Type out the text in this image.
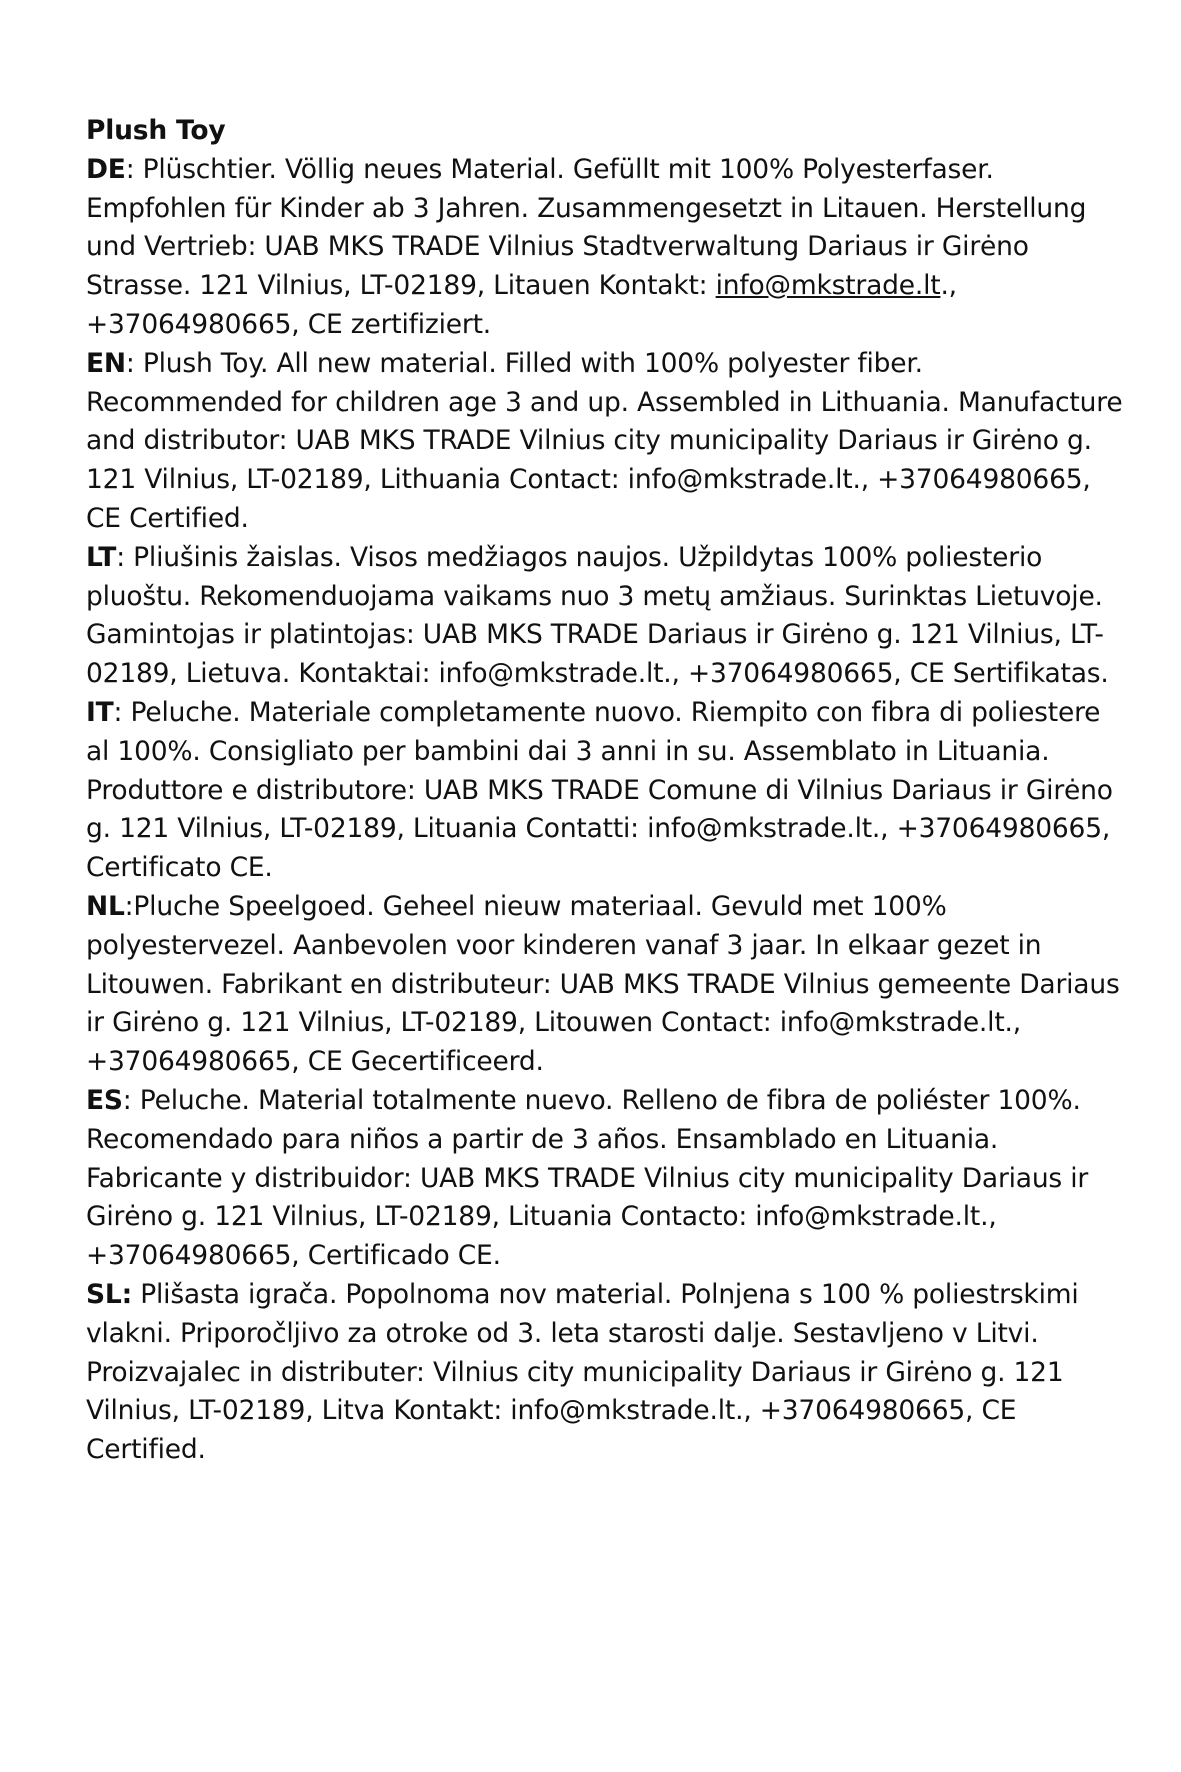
Plush Toy

DE: Plüschtier. Völlig neues Material. Gefüllt mit 100% Polyesterfaser. Empfohlen für Kinder ab 3 Jahren. Zusammengesetzt in Litauen. Herstellung und Vertrieb: UAB MKS TRADE Vilnius Stadtverwaltung Dariaus ir Girėno Strasse. 121 Vilnius, LT-02189, Litauen Kontakt: info@mkstrade.lt., +37064980665, CE zertifiziert.

EN: Plush Toy. All new material. Filled with 100% polyester fiber. Recommended for children age 3 and up. Assembled in Lithuania. Manufacture and distributor: UAB MKS TRADE Vilnius city municipality Dariaus ir Girėno g. 121 Vilnius, LT-02189, Lithuania Contact: info@mkstrade.lt., +37064980665, CE Certified.

LT: Pliušinis žaislas. Visos medžiagos naujos. Užpildytas 100% poliesterio pluoštu. Rekomenduojama vaikams nuo 3 metų amžiaus. Surinktas Lietuvoje. Gamintojas ir platintojas: UAB MKS TRADE Dariaus ir Girėno g. 121 Vilnius, LT-02189, Lietuva. Kontaktai: info@mkstrade.lt., +37064980665, CE Sertifikatas.

IT: Peluche. Materiale completamente nuovo. Riempito con fibra di poliestere al 100%. Consigliato per bambini dai 3 anni in su. Assemblato in Lituania. Produttore e distributore: UAB MKS TRADE Comune di Vilnius Dariaus ir Girėno g. 121 Vilnius, LT-02189, Lituania Contatti: info@mkstrade.lt., +37064980665, Certificato CE.

NL:Pluche Speelgoed. Geheel nieuw materiaal. Gevuld met 100% polyestervezel. Aanbevolen voor kinderen vanaf 3 jaar. In elkaar gezet in Litouwen. Fabrikant en distributeur: UAB MKS TRADE Vilnius gemeente Dariaus ir Girėno g. 121 Vilnius, LT-02189, Litouwen Contact: info@mkstrade.lt., +37064980665, CE Gecertificeerd.

ES: Peluche. Material totalmente nuevo. Relleno de fibra de poliéster 100%. Recomendado para niños a partir de 3 años. Ensamblado en Lituania. Fabricante y distribuidor: UAB MKS TRADE Vilnius city municipality Dariaus ir Girėno g. 121 Vilnius, LT-02189, Lituania Contacto: info@mkstrade.lt., +37064980665, Certificado CE.

SL: Plišasta igrača. Popolnoma nov material. Polnjena s 100 % poliestrskimi vlakni. Priporočljivo za otroke od 3. leta starosti dalje. Sestavljeno v Litvi. Proizvajalec in distributer: Vilnius city municipality Dariaus ir Girėno g. 121 Vilnius, LT-02189, Litva Kontakt: info@mkstrade.lt., +37064980665, CE Certified.
